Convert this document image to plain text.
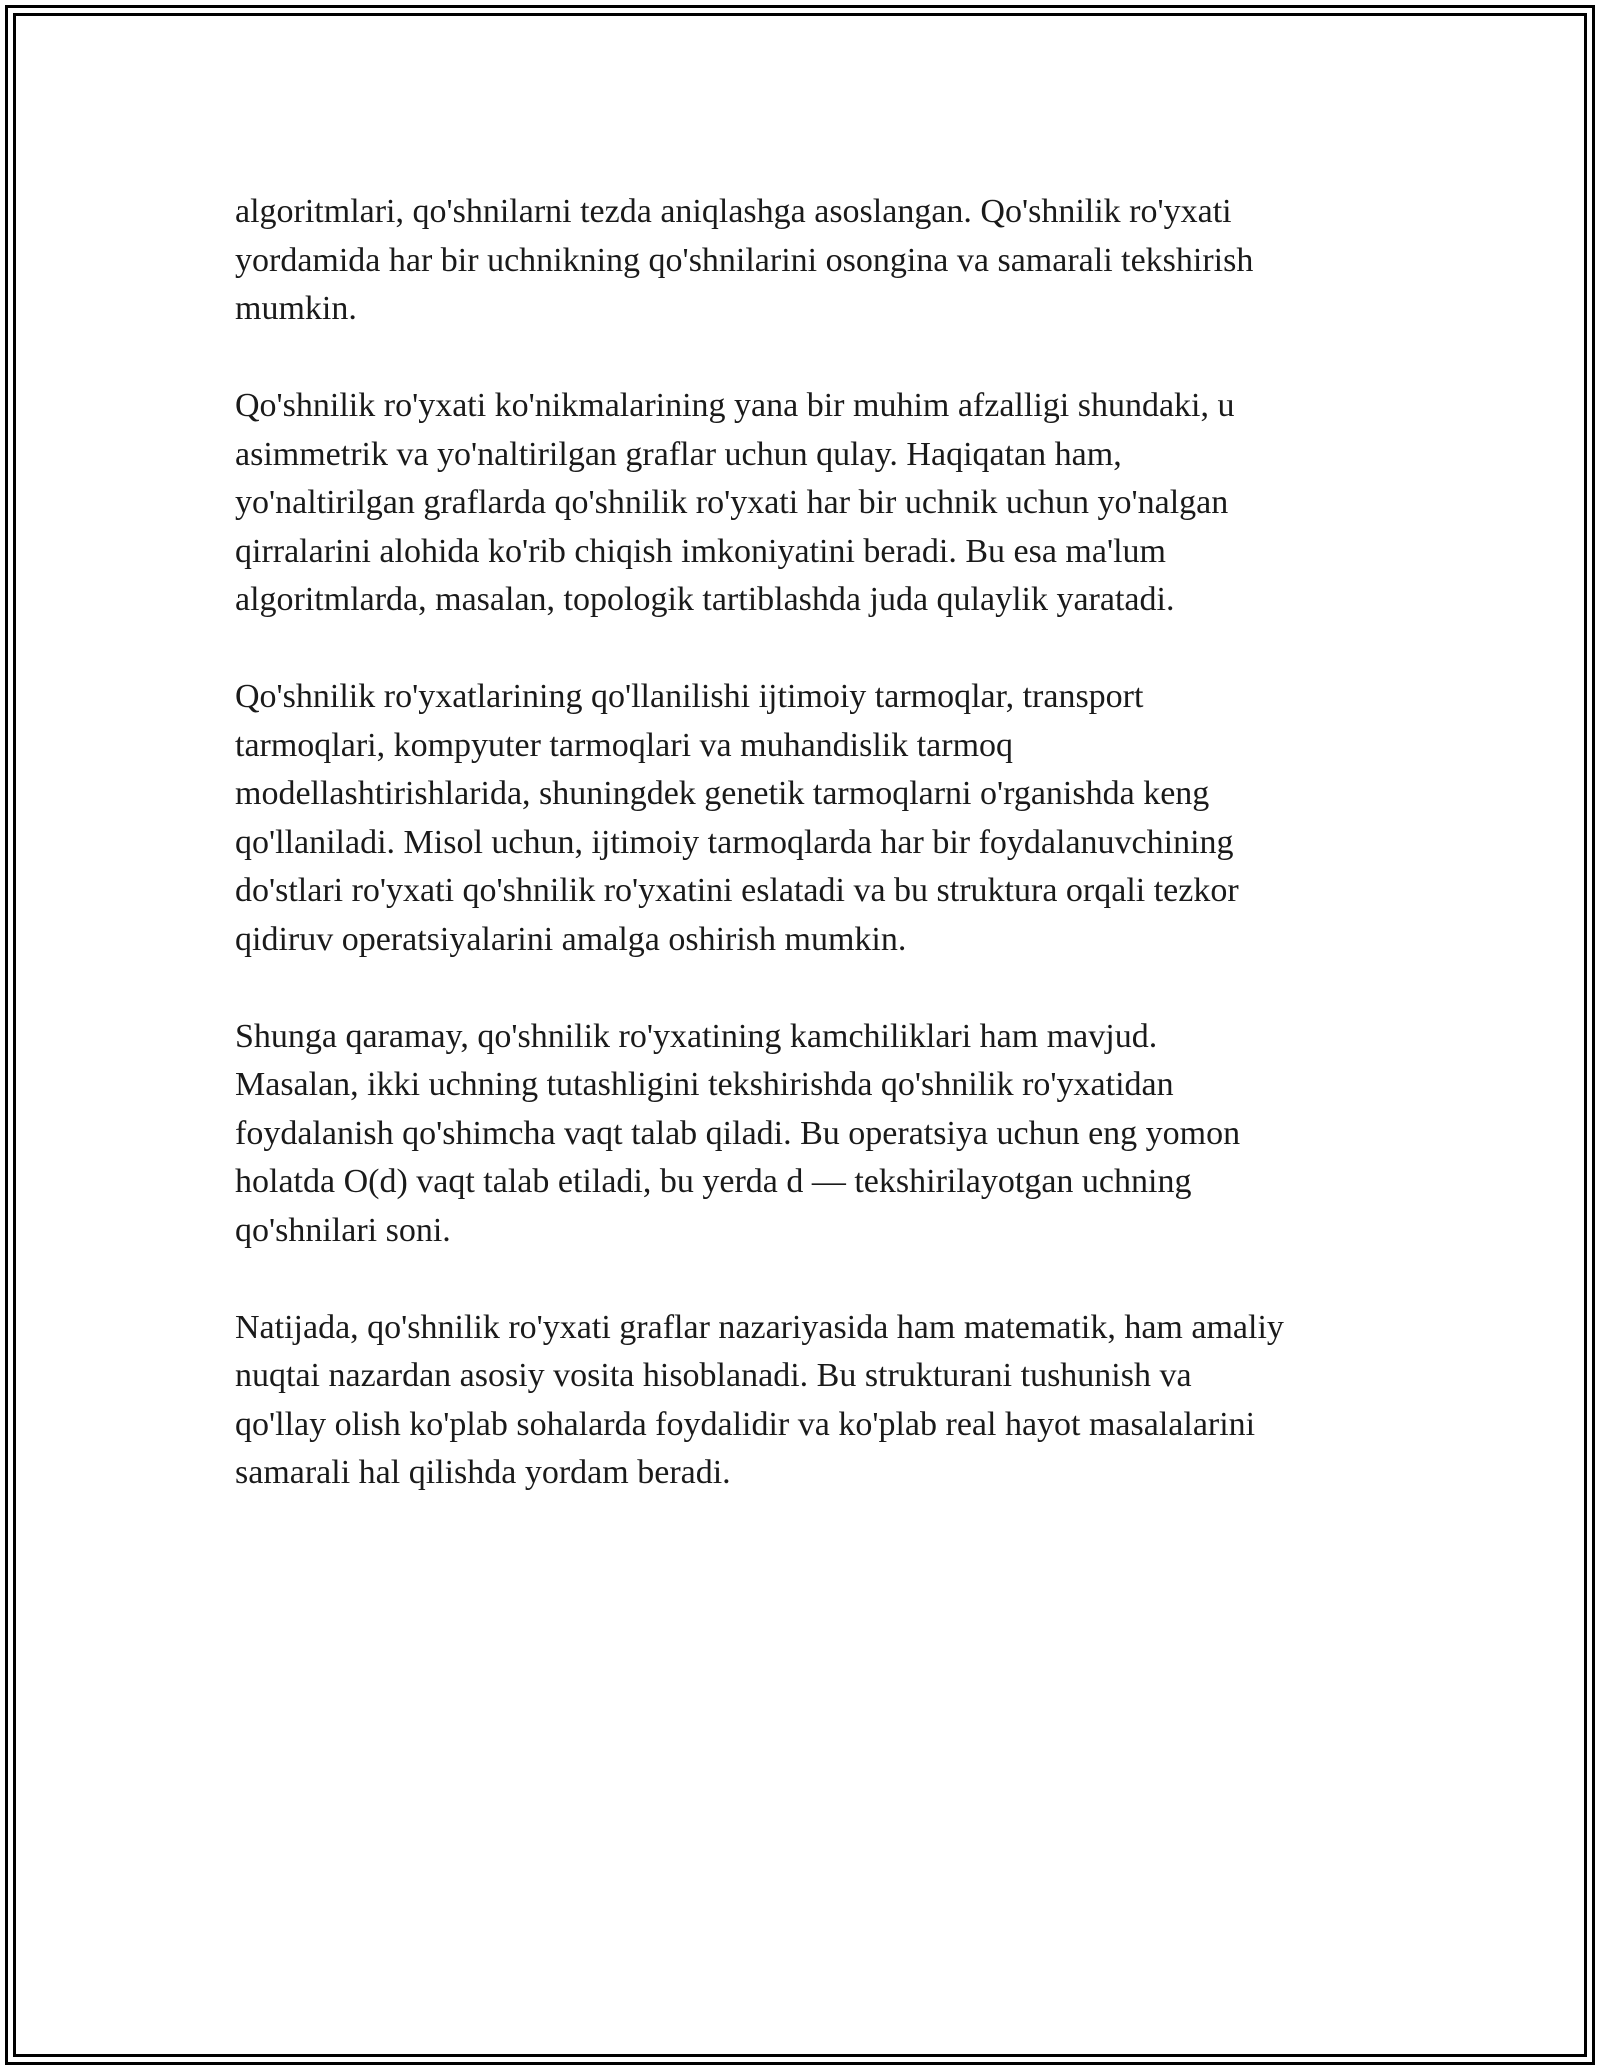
algoritmlari, qo'shnilarni tezda aniqlashga asoslangan. Qo'shnilik ro'yxati
yordamida har bir uchnikning qo'shnilarini osongina va samarali tekshirish
mumkin.

Qo'shnilik ro'yxati ko'nikmalarining yana bir muhim afzalligi shundaki, u
asimmetrik va yo'naltirilgan graflar uchun qulay. Haqiqatan ham,
yo'naltirilgan graflarda qo'shnilik ro'yxati har bir uchnik uchun yo'nalgan
qirralarini alohida ko'rib chiqish imkoniyatini beradi. Bu esa ma'lum
algoritmlarda, masalan, topologik tartiblashda juda qulaylik yaratadi.

Qo'shnilik ro'yxatlarining qo'llanilishi ijtimoiy tarmoqlar, transport
tarmoqlari, kompyuter tarmoqlari va muhandislik tarmoq
modellashtirishlarida, shuningdek genetik tarmoqlarni o'rganishda keng
qo'llaniladi. Misol uchun, ijtimoiy tarmoqlarda har bir foydalanuvchining
do'stlari ro'yxati qo'shnilik ro'yxatini eslatadi va bu struktura orqali tezkor
qidiruv operatsiyalarini amalga oshirish mumkin.

Shunga qaramay, qo'shnilik ro'yxatining kamchiliklari ham mavjud.
Masalan, ikki uchning tutashligini tekshirishda qo'shnilik ro'yxatidan
foydalanish qo'shimcha vaqt talab qiladi. Bu operatsiya uchun eng yomon
holatda O(d) vaqt talab etiladi, bu yerda d — tekshirilayotgan uchning
qo'shnilari soni.

Natijada, qo'shnilik ro'yxati graflar nazariyasida ham matematik, ham amaliy
nuqtai nazardan asosiy vosita hisoblanadi. Bu strukturani tushunish va
qo'llay olish ko'plab sohalarda foydalidir va ko'plab real hayot masalalarini
samarali hal qilishda yordam beradi.
